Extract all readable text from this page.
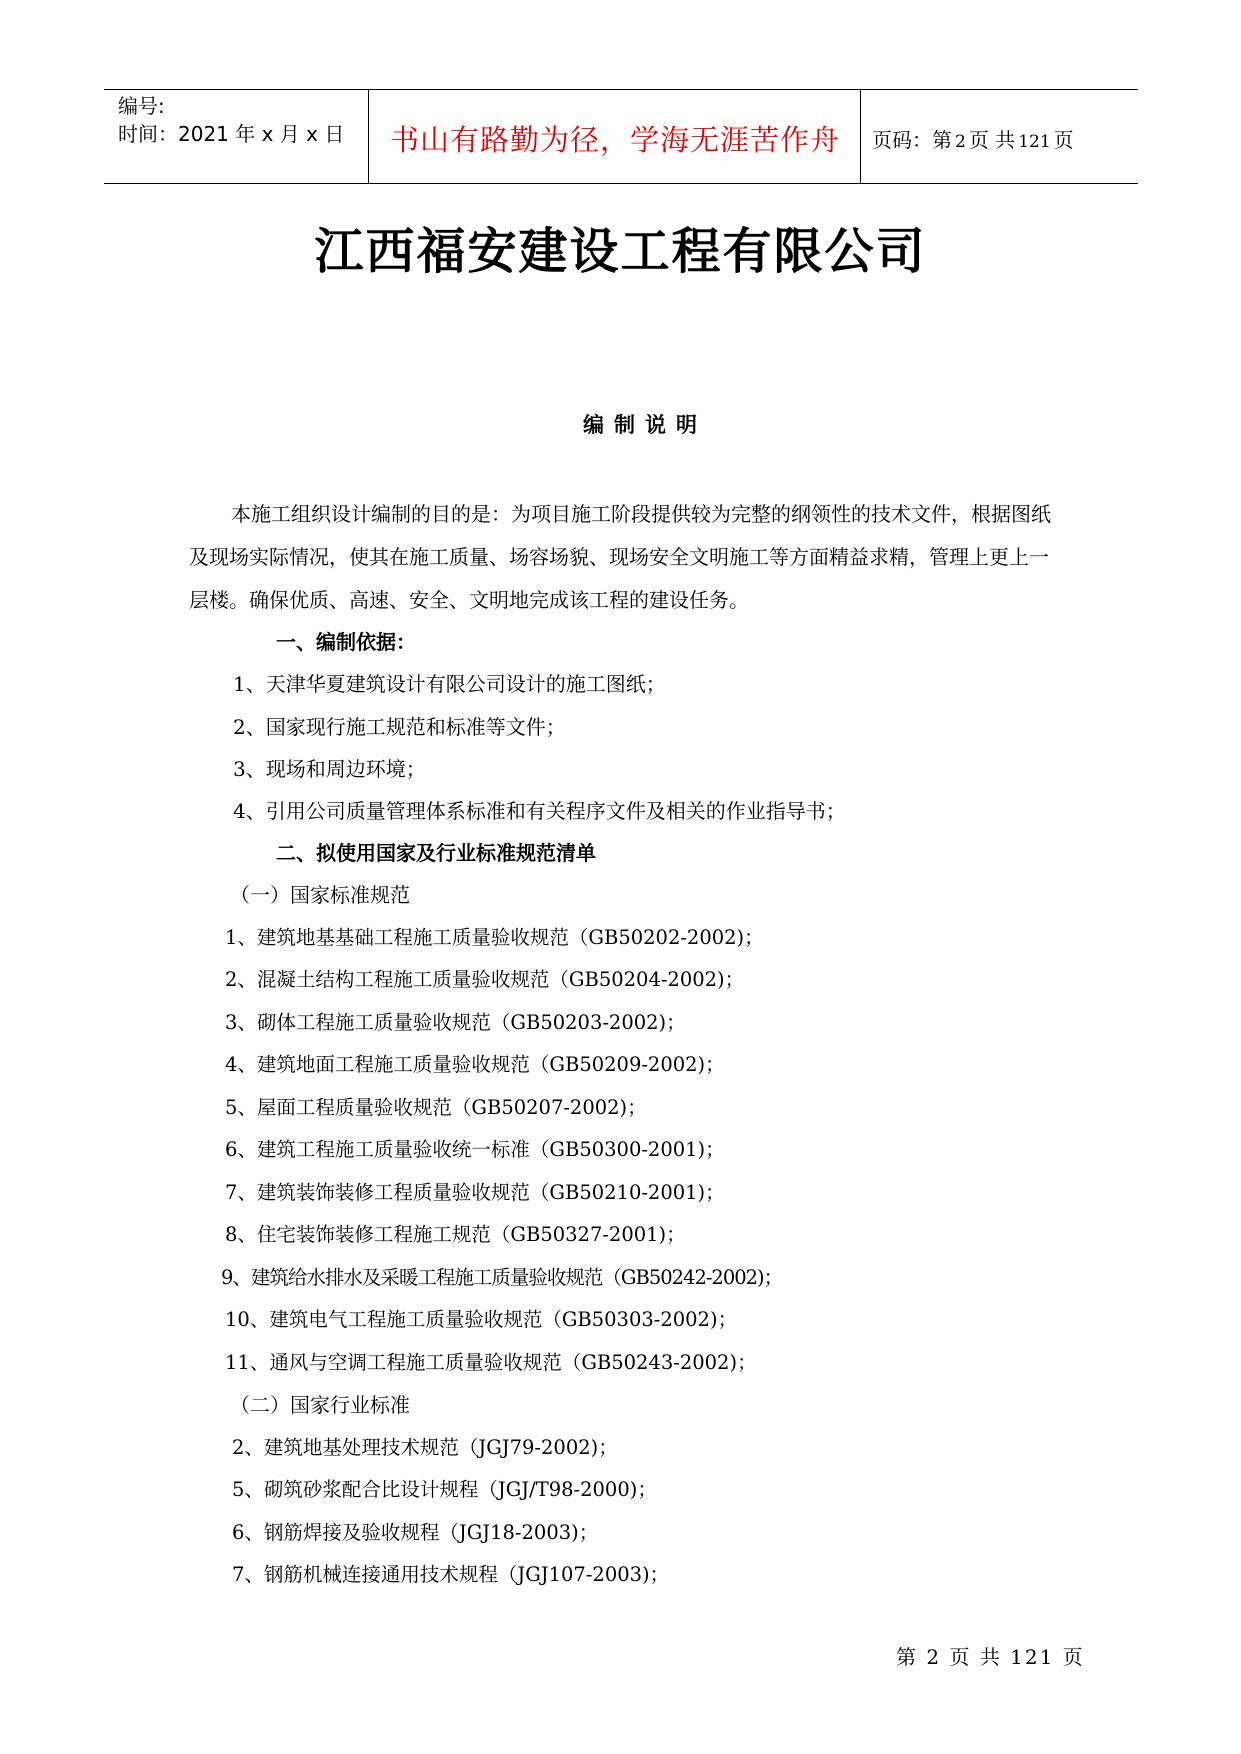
编号:
时间：2021 年 x 月 x 日	书山有路勤为径，学海无涯苦作舟	页码：第 2 页 共 121 页
江西福安建设工程有限公司
编制说明

本施工组织设计编制的目的是：为项目施工阶段提供较为完整的纲领性的技术文件，根据图纸及现场实际情况，使其在施工质量、场容场貌、现场安全文明施工等方面精益求精，管理上更上一层楼。确保优质、高速、安全、文明地完成该工程的建设任务。

一、编制依据：
1、天津华夏建筑设计有限公司设计的施工图纸；
2、国家现行施工规范和标准等文件；
3、现场和周边环境；
4、引用公司质量管理体系标准和有关程序文件及相关的作业指导书；
二、拟使用国家及行业标准规范清单
（一）国家标准规范
1、建筑地基基础工程施工质量验收规范（GB50202-2002)；
2、混凝土结构工程施工质量验收规范（GB50204-2002)；
3、砌体工程施工质量验收规范（GB50203-2002)；
4、建筑地面工程施工质量验收规范（GB50209-2002)；
5、屋面工程质量验收规范（GB50207-2002)；
6、建筑工程施工质量验收统一标准（GB50300-2001)；
7、建筑装饰装修工程质量验收规范（GB50210-2001)；
8、住宅装饰装修工程施工规范（GB50327-2001)；
9、建筑给水排水及采暖工程施工质量验收规范（GB50242-2002)；
10、建筑电气工程施工质量验收规范（GB50303-2002)；
11、通风与空调工程施工质量验收规范（GB50243-2002)；
（二）国家行业标准
2、建筑地基处理技术规范（JGJ79-2002)；
5、砌筑砂浆配合比设计规程（JGJ/T98-2000)；
6、钢筋焊接及验收规程（JGJ18-2003)；
7、钢筋机械连接通用技术规程（JGJ107-2003)；
第 2 页 共 121 页
